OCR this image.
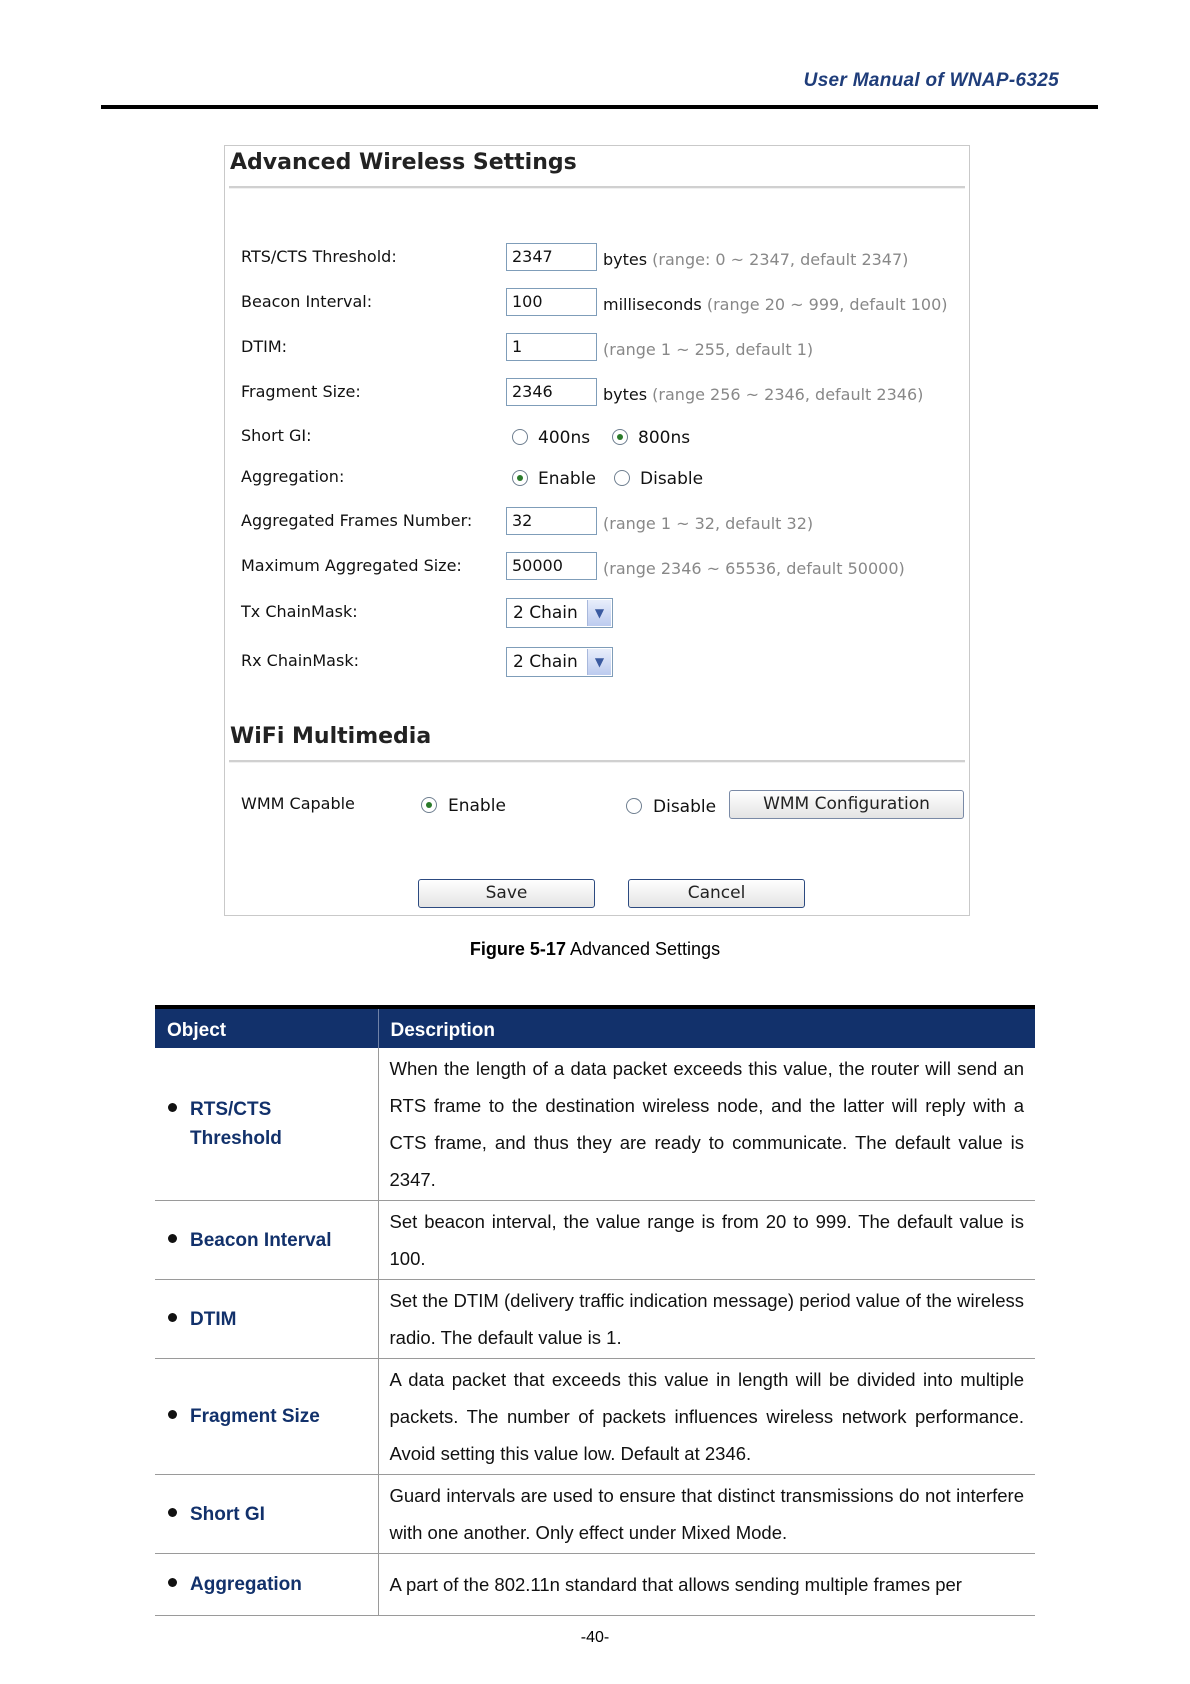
User Manual of WNAP-6325
Advanced Wireless Settings
RTS/CTS Threshold:	2347	bytes (range: 0 ~ 2347, default 2347)
Beacon Interval:	100	milliseconds (range 20 ~ 999, default 100)
DTIM:	1	(range 1 ~ 255, default 1)
Fragment Size:	2346	bytes (range 256 ~ 2346, default 2346)
Short GI:	400ns	800ns
Aggregation:	Enable	Disable
Aggregated Frames Number:	32	(range 1 ~ 32, default 32)
Maximum Aggregated Size:	50000	(range 2346 ~ 65536, default 50000)
Tx ChainMask:	2 Chain	▼
Rx ChainMask:	2 Chain	▼
WiFi Multimedia
WMM Capable	Enable	Disable	WMM Configuration
Save	Cancel
Figure 5-17 Advanced Settings
Object	Description

RTS/CTS Threshold	When the length of a data packet exceeds this value, the router will send an RTS frame to the destination wireless node, and the latter will reply with a CTS frame, and thus they are ready to communicate. The default value is 2347.

Beacon Interval	Set beacon interval, the value range is from 20 to 999. The default value is 100.

DTIM	Set the DTIM (delivery traffic indication message) period value of the wireless radio. The default value is 1.

Fragment Size	A data packet that exceeds this value in length will be divided into multiple packets. The number of packets influences wireless network performance. Avoid setting this value low. Default at 2346.

Short GI	Guard intervals are used to ensure that distinct transmissions do not interfere with one another. Only effect under Mixed Mode.

Aggregation	A part of the 802.11n standard that allows sending multiple frames per
-40-
